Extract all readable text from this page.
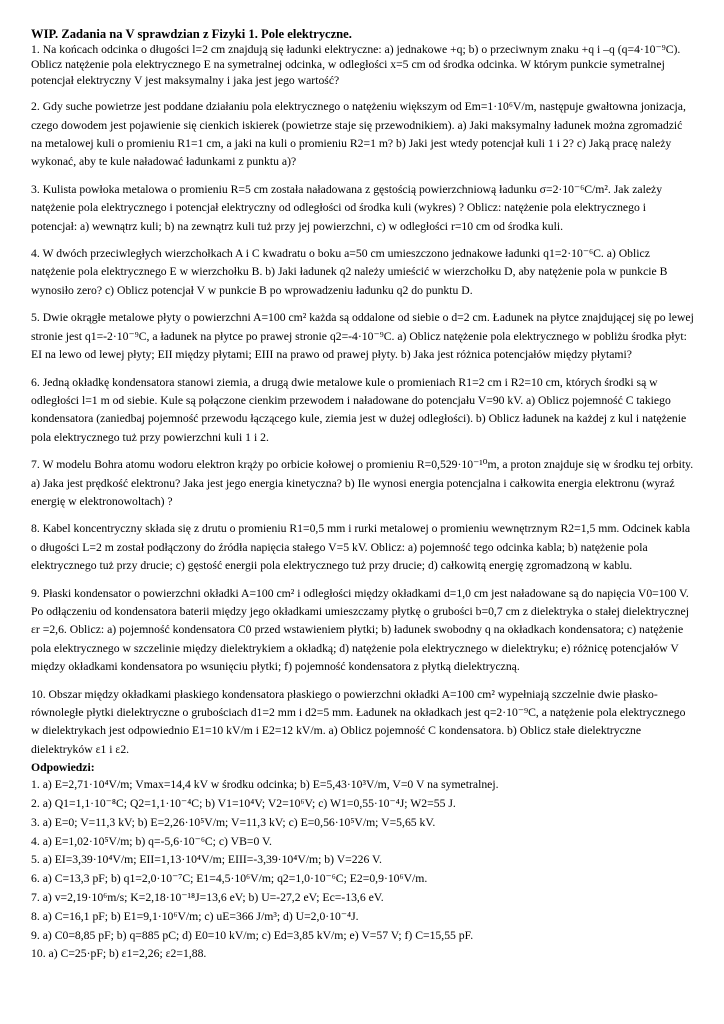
WIP. Zadania na V sprawdzian z Fizyki 1. Pole elektryczne.

1. Na końcach odcinka o długości l=2 cm znajdują się ładunki elektryczne: a) jednakowe +q; b) o przeciwnym znaku +q i –q (q=4·10⁻⁹C). Oblicz natężenie pola elektrycznego E na symetralnej odcinka, w odległości x=5 cm od środka odcinka. W którym punkcie symetralnej potencjał elektryczny V jest maksymalny i jaka jest jego wartość?

2. Gdy suche powietrze jest poddane działaniu pola elektrycznego o natężeniu większym od Em=1·10⁶V/m, następuje gwałtowna jonizacja, czego dowodem jest pojawienie się cienkich iskierek (powietrze staje się przewodnikiem). a) Jaki maksymalny ładunek można zgromadzić na metalowej kuli o promieniu R1=1 cm, a jaki na kuli o promieniu R2=1 m? b) Jaki jest wtedy potencjał kuli 1 i 2? c) Jaką pracę należy wykonać, aby te kule naładować ładunkami z punktu a)?

3. Kulista powłoka metalowa o promieniu R=5 cm została naładowana z gęstością powierzchniową ładunku σ=2·10⁻⁶C/m². Jak zależy natężenie pola elektrycznego i potencjał elektryczny od odległości od środka kuli (wykres) ? Oblicz: natężenie pola elektrycznego i potencjał: a) wewnątrz kuli; b) na zewnątrz kuli tuż przy jej powierzchni, c) w odległości r=10 cm od środka kuli.

4. W dwóch przeciwległych wierzchołkach A i C kwadratu o boku a=50 cm umieszczono jednakowe ładunki q1=2·10⁻⁶C. a) Oblicz natężenie pola elektrycznego E w wierzchołku B. b) Jaki ładunek q2 należy umieścić w wierzchołku D, aby natężenie pola w punkcie B wynosiło zero? c) Oblicz potencjał V w punkcie B po wprowadzeniu ładunku q2 do punktu D.

5. Dwie okrągłe metalowe płyty o powierzchni A=100 cm² każda są oddalone od siebie o d=2 cm. Ładunek na płytce znajdującej się po lewej stronie jest q1=-2·10⁻⁹C, a ładunek na płytce po prawej stronie q2=-4·10⁻⁹C. a) Oblicz natężenie pola elektrycznego w pobliżu środka płyt: EI na lewo od lewej płyty; EII między płytami; EIII na prawo od prawej płyty. b) Jaka jest różnica potencjałów między płytami?

6. Jedną okładkę kondensatora stanowi ziemia, a drugą dwie metalowe kule o promieniach R1=2 cm i R2=10 cm, których środki są w odległości l=1 m od siebie. Kule są połączone cienkim przewodem i naładowane do potencjału V=90 kV. a) Oblicz pojemność C takiego kondensatora (zaniedbaj pojemność przewodu łączącego kule, ziemia jest w dużej odległości). b) Oblicz ładunek na każdej z kul i natężenie pola elektrycznego tuż przy powierzchni kuli 1 i 2.

7. W modelu Bohra atomu wodoru elektron krąży po orbicie kołowej o promieniu R=0,529·10⁻¹⁰m, a proton znajduje się w środku tej orbity. a) Jaka jest prędkość elektronu? Jaka jest jego energia kinetyczna? b) Ile wynosi energia potencjalna i całkowita energia elektronu (wyraź energię w elektronowoltach) ?

8. Kabel koncentryczny składa się z drutu o promieniu R1=0,5 mm i rurki metalowej o promieniu wewnętrznym R2=1,5 mm. Odcinek kabla o długości L=2 m został podłączony do źródła napięcia stałego V=5 kV. Oblicz: a) pojemność tego odcinka kabla; b) natężenie pola elektrycznego tuż przy drucie; c) gęstość energii pola elektrycznego tuż przy drucie; d) całkowitą energię zgromadzoną w kablu.

9. Płaski kondensator o powierzchni okładki A=100 cm² i odległości między okładkami d=1,0 cm jest naładowane są do napięcia V0=100 V. Po odłączeniu od kondensatora baterii między jego okładkami umieszczamy płytkę o grubości b=0,7 cm z dielektryka o stałej dielektrycznej εr =2,6. Oblicz: a) pojemność kondensatora C0 przed wstawieniem płytki; b) ładunek swobodny q na okładkach kondensatora; c) natężenie pola elektrycznego w szczelinie między dielektrykiem a okładką; d) natężenie pola elektrycznego w dielektryku; e) różnicę potencjałów V między okładkami kondensatora po wsunięciu płytki; f) pojemność kondensatora z płytką dielektryczną.

10. Obszar między okładkami płaskiego kondensatora płaskiego o powierzchni okładki A=100 cm² wypełniają szczelnie dwie płasko-równoległe płytki dielektryczne o grubościach d1=2 mm i d2=5 mm. Ładunek na okładkach jest q=2·10⁻⁹C, a natężenie pola elektrycznego w dielektrykach jest odpowiednio E1=10 kV/m i E2=12 kV/m. a) Oblicz pojemność C kondensatora. b) Oblicz stałe dielektryczne dielektryków ε1 i ε2.

Odpowiedzi:

1. a) E=2,71·10⁴V/m; Vmax=14,4 kV w środku odcinka; b) E=5,43·10³V/m, V=0 V na symetralnej.

2. a) Q1=1,1·10⁻⁸C; Q2=1,1·10⁻⁴C; b) V1=10⁴V; V2=10⁶V; c) W1=0,55·10⁻⁴J; W2=55 J.

3. a) E=0; V=11,3 kV; b) E=2,26·10⁵V/m; V=11,3 kV; c) E=0,56·10⁵V/m; V=5,65 kV.

4. a) E=1,02·10⁵V/m; b) q=-5,6·10⁻⁶C; c) VB=0 V.

5. a) EI=3,39·10⁴V/m; EII=1,13·10⁴V/m; EIII=-3,39·10⁴V/m; b) V=226 V.

6. a) C=13,3 pF; b) q1=2,0·10⁻⁷C; E1=4,5·10⁶V/m; q2=1,0·10⁻⁶C; E2=0,9·10⁶V/m.

7. a) v=2,19·10⁶m/s; K=2,18·10⁻¹⁸J=13,6 eV; b) U=-27,2 eV; Ec=-13,6 eV.

8. a) C=16,1 pF; b) E1=9,1·10⁶V/m; c) uE=366 J/m³; d) U=2,0·10⁻⁴J.

9. a) C0=8,85 pF; b) q=885 pC; d) E0=10 kV/m; c) Ed=3,85 kV/m; e) V=57 V; f) C=15,55 pF.

10. a) C=25·pF; b) ε1=2,26; ε2=1,88.
